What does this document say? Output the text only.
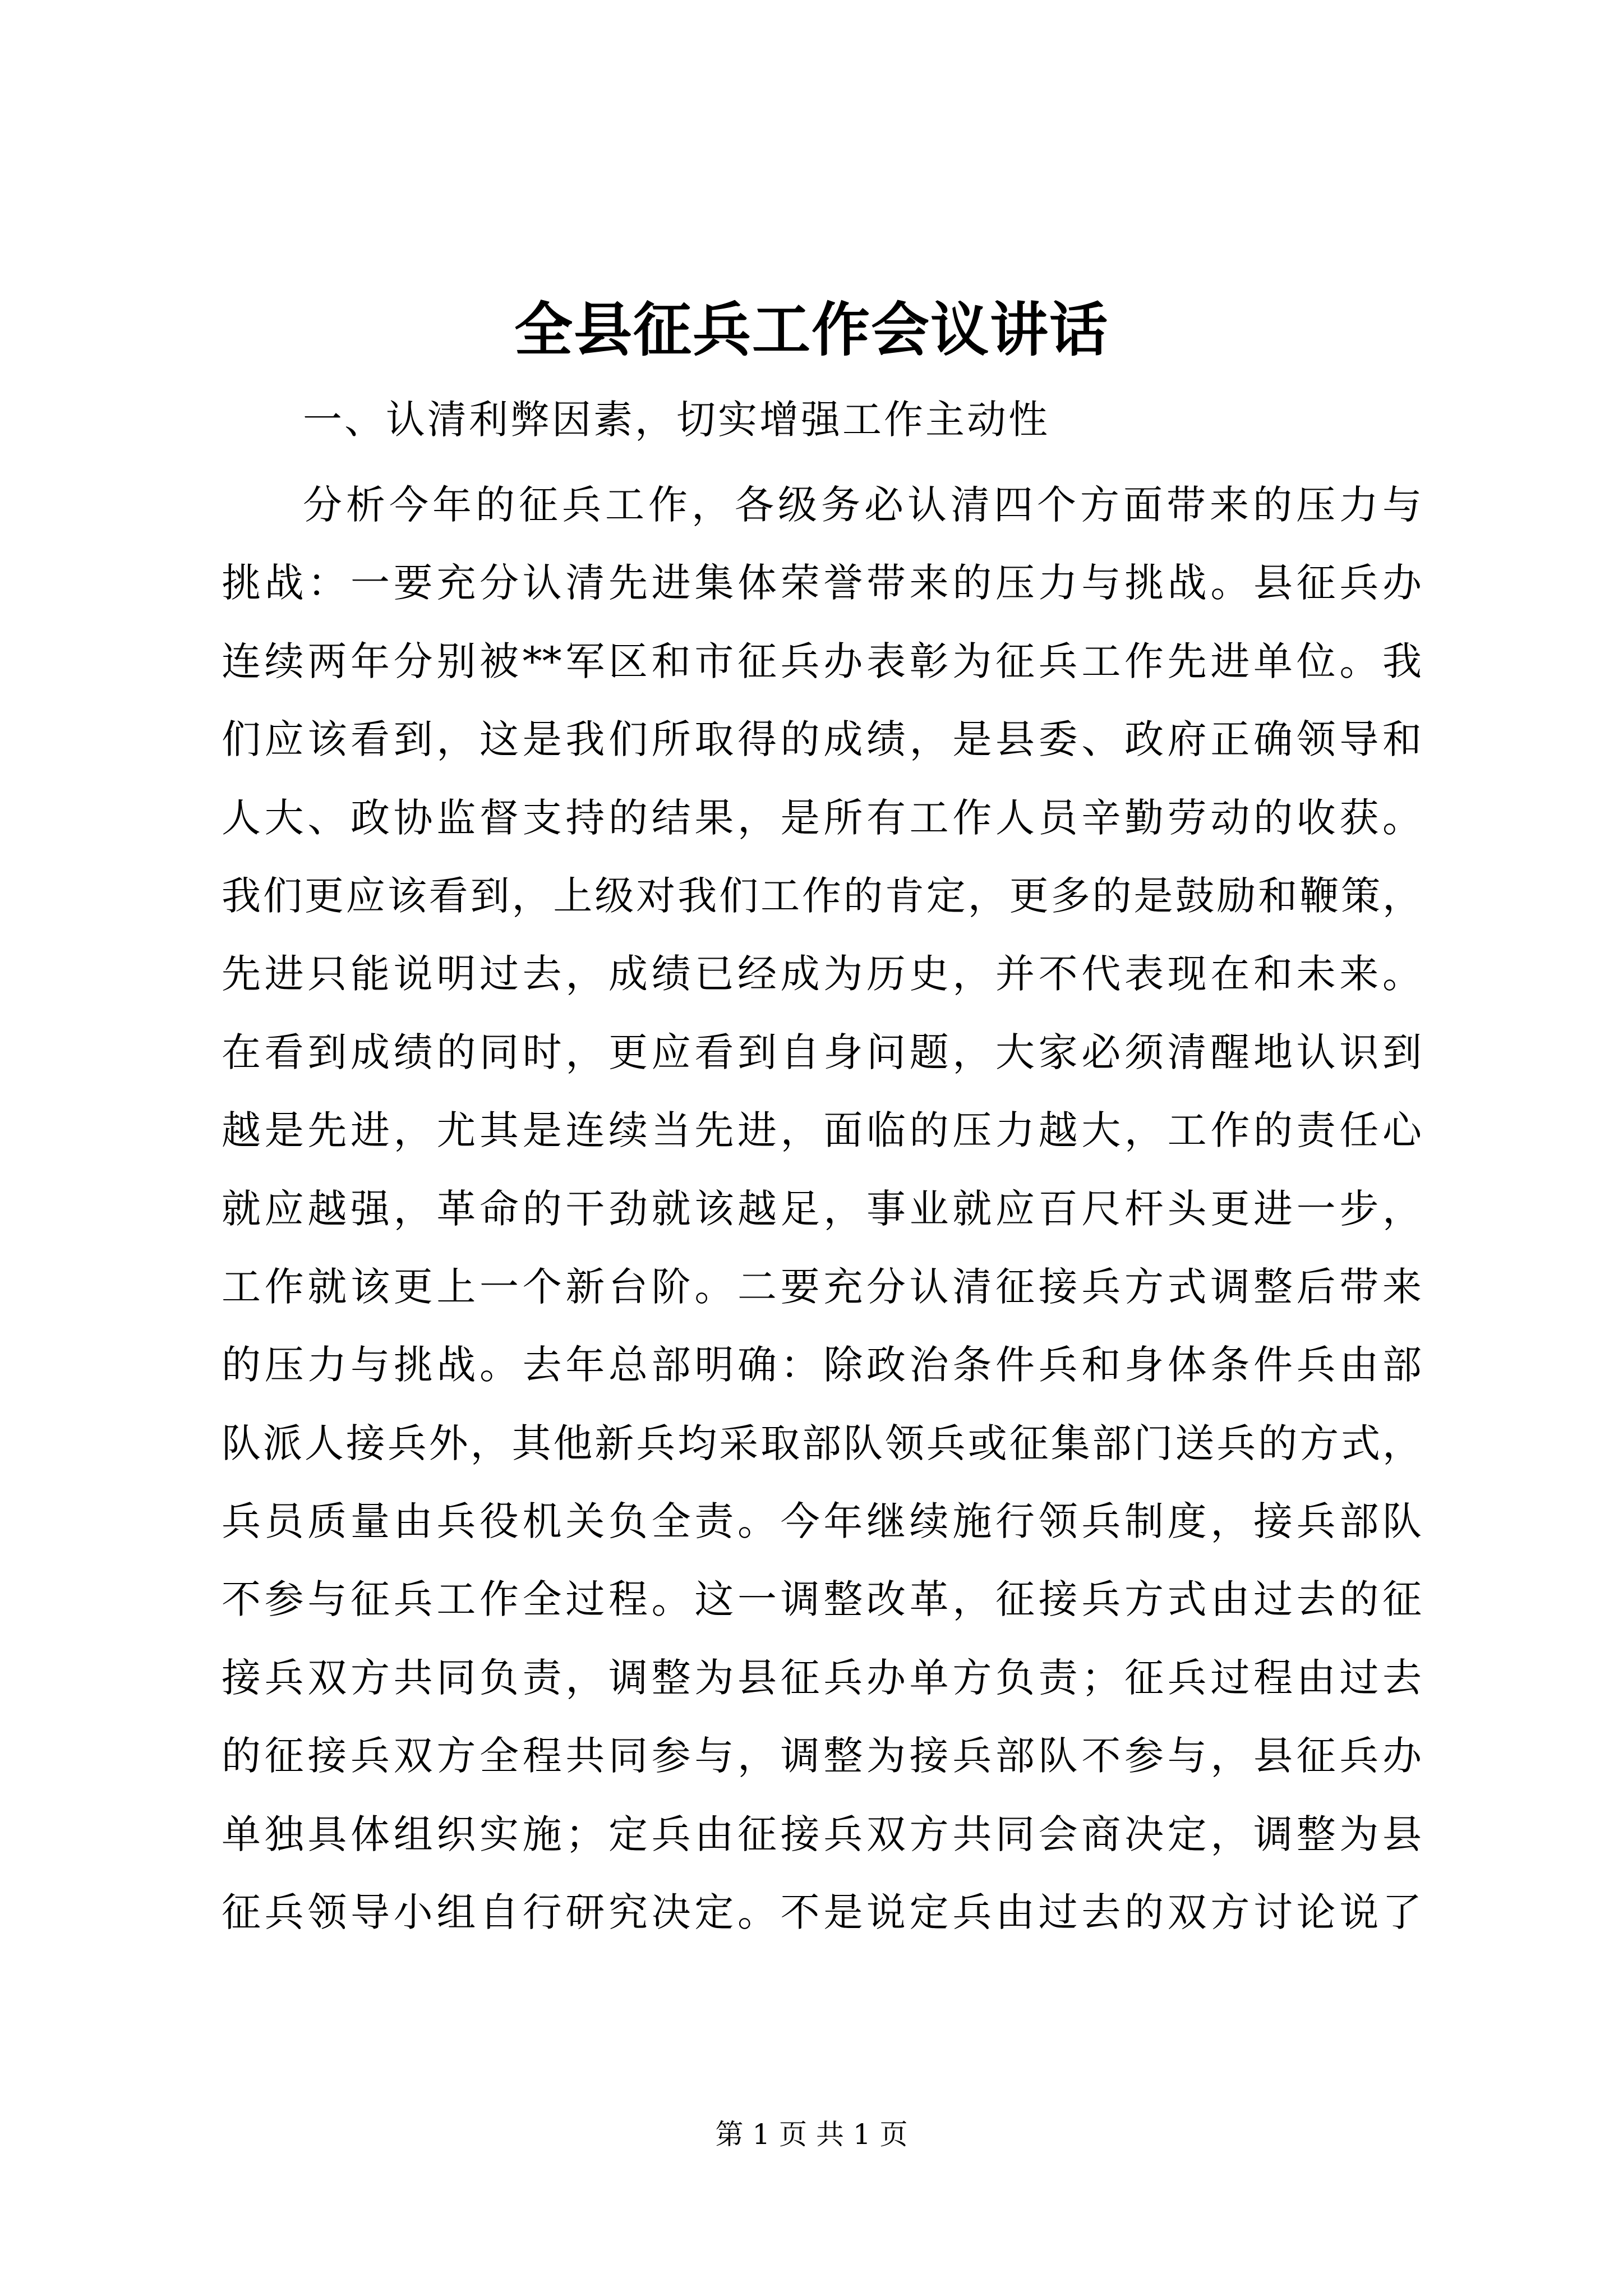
全县征兵工作会议讲话
一、认清利弊因素，切实增强工作主动性
分析今年的征兵工作，各级务必认清四个方面带来的压力与
挑战：一要充分认清先进集体荣誉带来的压力与挑战。县征兵办
连续两年分别被**军区和市征兵办表彰为征兵工作先进单位。我
们应该看到，这是我们所取得的成绩，是县委、政府正确领导和
人大、政协监督支持的结果，是所有工作人员辛勤劳动的收获。
我们更应该看到，上级对我们工作的肯定，更多的是鼓励和鞭策，
先进只能说明过去，成绩已经成为历史，并不代表现在和未来。
在看到成绩的同时，更应看到自身问题，大家必须清醒地认识到
越是先进，尤其是连续当先进，面临的压力越大，工作的责任心
就应越强，革命的干劲就该越足，事业就应百尺杆头更进一步，
工作就该更上一个新台阶。二要充分认清征接兵方式调整后带来
的压力与挑战。去年总部明确：除政治条件兵和身体条件兵由部
队派人接兵外，其他新兵均采取部队领兵或征集部门送兵的方式，
兵员质量由兵役机关负全责。今年继续施行领兵制度，接兵部队
不参与征兵工作全过程。这一调整改革，征接兵方式由过去的征
接兵双方共同负责，调整为县征兵办单方负责；征兵过程由过去
的征接兵双方全程共同参与，调整为接兵部队不参与，县征兵办
单独具体组织实施；定兵由征接兵双方共同会商决定，调整为县
征兵领导小组自行研究决定。不是说定兵由过去的双方讨论说了
第 1 页 共 1 页
